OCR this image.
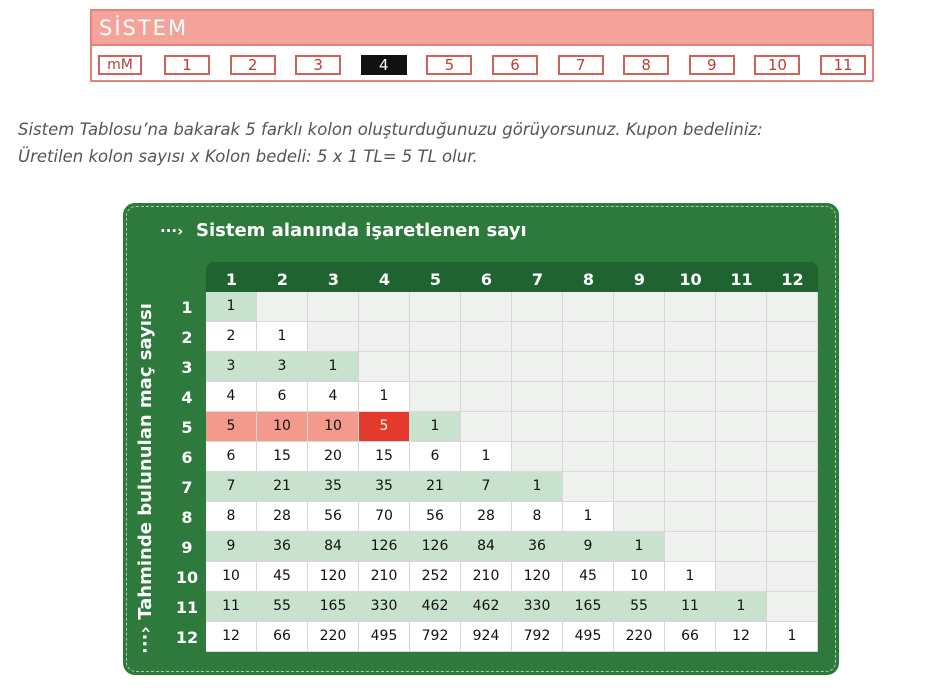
SİSTEM
mM	1	2	3	4	5	6	7	8	9	10	11
Sistem Tablosu’na bakarak 5 farklı kolon oluşturduğunuzu görüyorsunuz. Kupon bedeliniz:
Üretilen kolon sayısı x Kolon bedeli: 5 x 1 TL= 5 TL olur.
···› Sistem alanında işaretlenen sayı
···› Tahminde bulunulan maç sayısı
1	2	3	4	5	6	7	8	9	10	11	12
1
2
3
4
5
6
7
8
9
10
11
12
1
2	1
3	3	1
4	6	4	1
5	10	10	5	1
6	15	20	15	6	1
7	21	35	35	21	7	1
8	28	56	70	56	28	8	1
9	36	84	126	126	84	36	9	1
10	45	120	210	252	210	120	45	10	1
11	55	165	330	462	462	330	165	55	11	1
12	66	220	495	792	924	792	495	220	66	12	1
